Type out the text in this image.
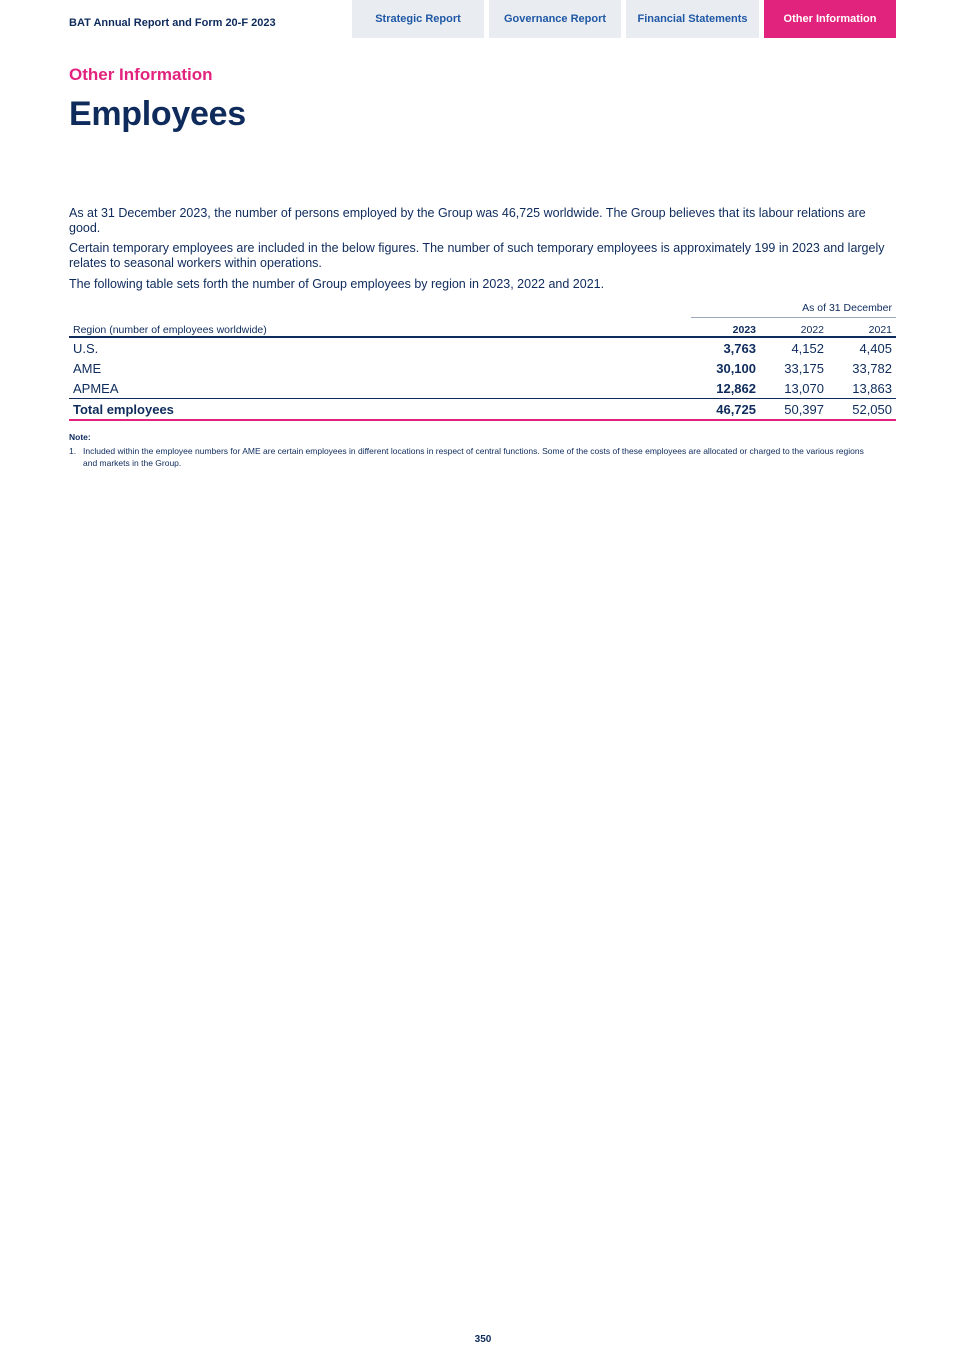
BAT Annual Report and Form 20-F 2023	Strategic Report	Governance Report	Financial Statements	Other Information
Other Information
Employees

As at 31 December 2023, the number of persons employed by the Group was 46,725 worldwide. The Group believes that its labour relations are good.

Certain temporary employees are included in the below figures. The number of such temporary employees is approximately 199 in 2023 and largely relates to seasonal workers within operations.

The following table sets forth the number of Group employees by region in 2023, 2022 and 2021.

As of 31 December
Region (number of employees worldwide)	2023	2022	2021
U.S.	3,763	4,152	4,405
AME	30,100	33,175	33,782
APMEA	12,862	13,070	13,863
Total employees	46,725	50,397	52,050
Note:
1. Included within the employee numbers for AME are certain employees in different locations in respect of central functions. Some of the costs of these employees are allocated or charged to the various regions and markets in the Group.
350
